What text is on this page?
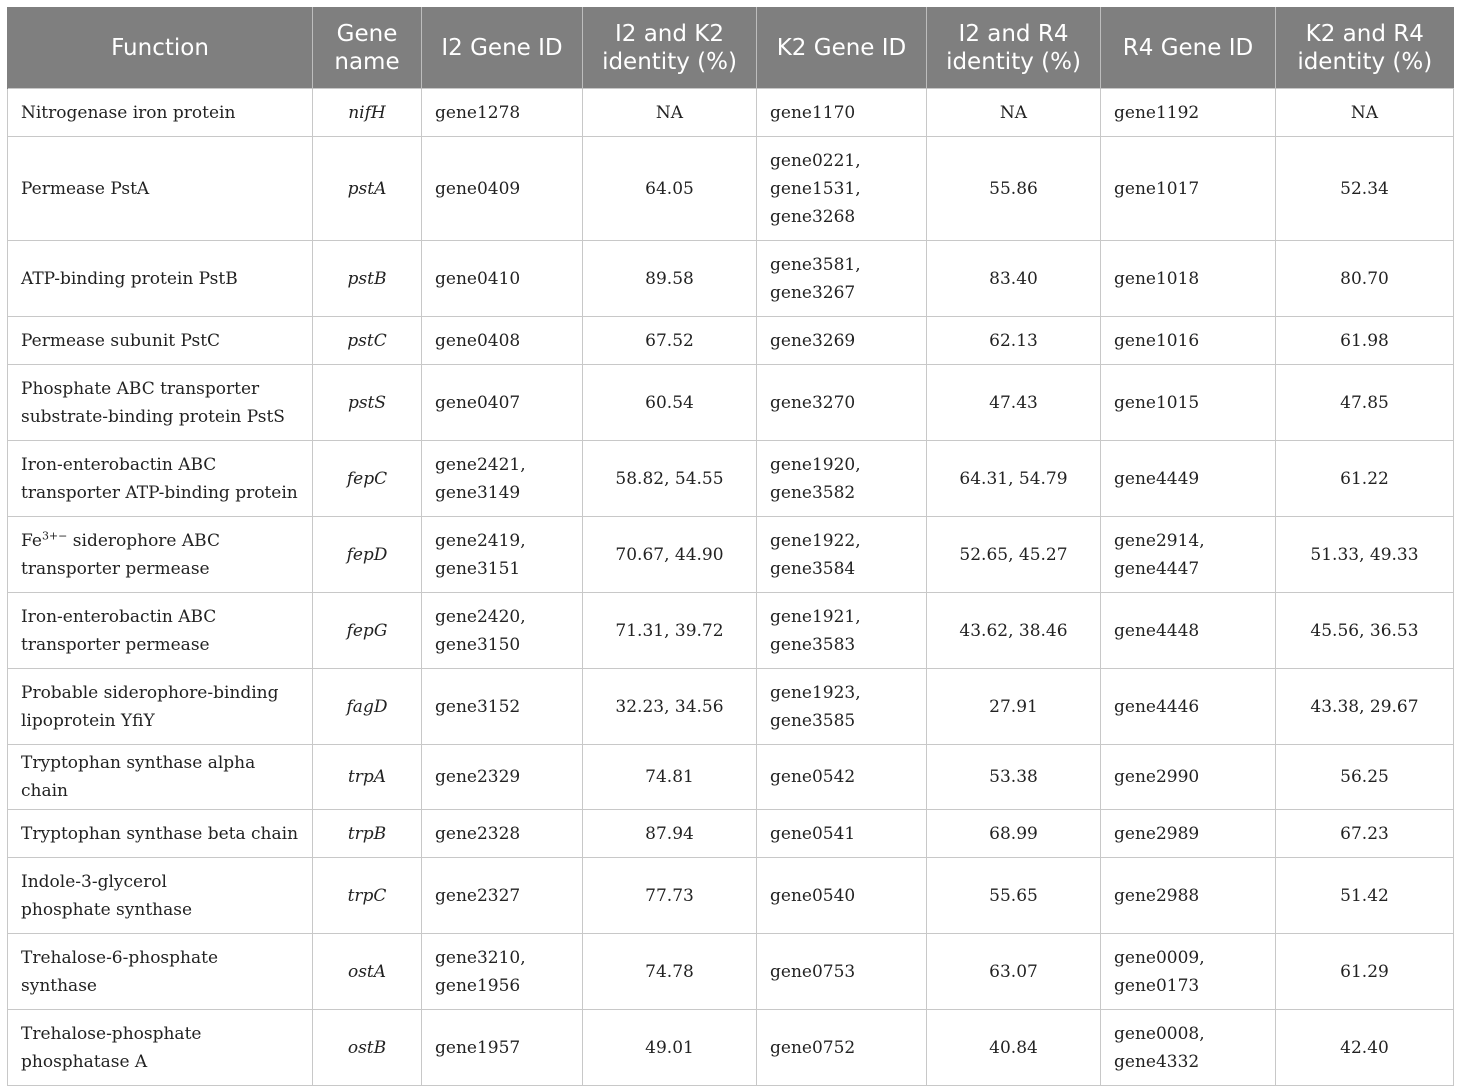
Function	Gene name	I2 Gene ID	I2 and K2 identity (%)	K2 Gene ID	I2 and R4 identity (%)	R4 Gene ID	K2 and R4 identity (%)

Nitrogenase iron protein	nifH	gene1278	NA	gene1170	NA	gene1192	NA

Permease PstA	pstA	gene0409	64.05	gene0221,
gene1531,
gene3268	55.86	gene1017	52.34

ATP-binding protein PstB	pstB	gene0410	89.58	gene3581,
gene3267	83.40	gene1018	80.70

Permease subunit PstC	pstC	gene0408	67.52	gene3269	62.13	gene1016	61.98

Phosphate ABC transporter
substrate-binding protein PstS	pstS	gene0407	60.54	gene3270	47.43	gene1015	47.85

Iron-enterobactin ABC
transporter ATP-binding protein	fepC	gene2421,
gene3149	58.82, 54.55	gene1920,
gene3582	64.31, 54.79	gene4449	61.22

$Fe^{3+-}$ siderophore ABC
transporter permease	fepD	gene2419,
gene3151	70.67, 44.90	gene1922,
gene3584	52.65, 45.27	gene2914,
gene4447	51.33, 49.33

Iron-enterobactin ABC
transporter permease	fepG	gene2420,
gene3150	71.31, 39.72	gene1921,
gene3583	43.62, 38.46	gene4448	45.56, 36.53

Probable siderophore-binding
lipoprotein YfiY	fagD	gene3152	32.23, 34.56	gene1923,
gene3585	27.91	gene4446	43.38, 29.67

Tryptophan synthase alpha chain	trpA	gene2329	74.81	gene0542	53.38	gene2990	56.25

Tryptophan synthase beta chain	trpB	gene2328	87.94	gene0541	68.99	gene2989	67.23

Indole-3-glycerol
phosphate synthase	trpC	gene2327	77.73	gene0540	55.65	gene2988	51.42

Trehalose-6-phosphate synthase	ostA	gene3210,
gene1956	74.78	gene0753	63.07	gene0009,
gene0173	61.29

Trehalose-phosphate
phosphatase A	ostB	gene1957	49.01	gene0752	40.84	gene0008,
gene4332	42.40
